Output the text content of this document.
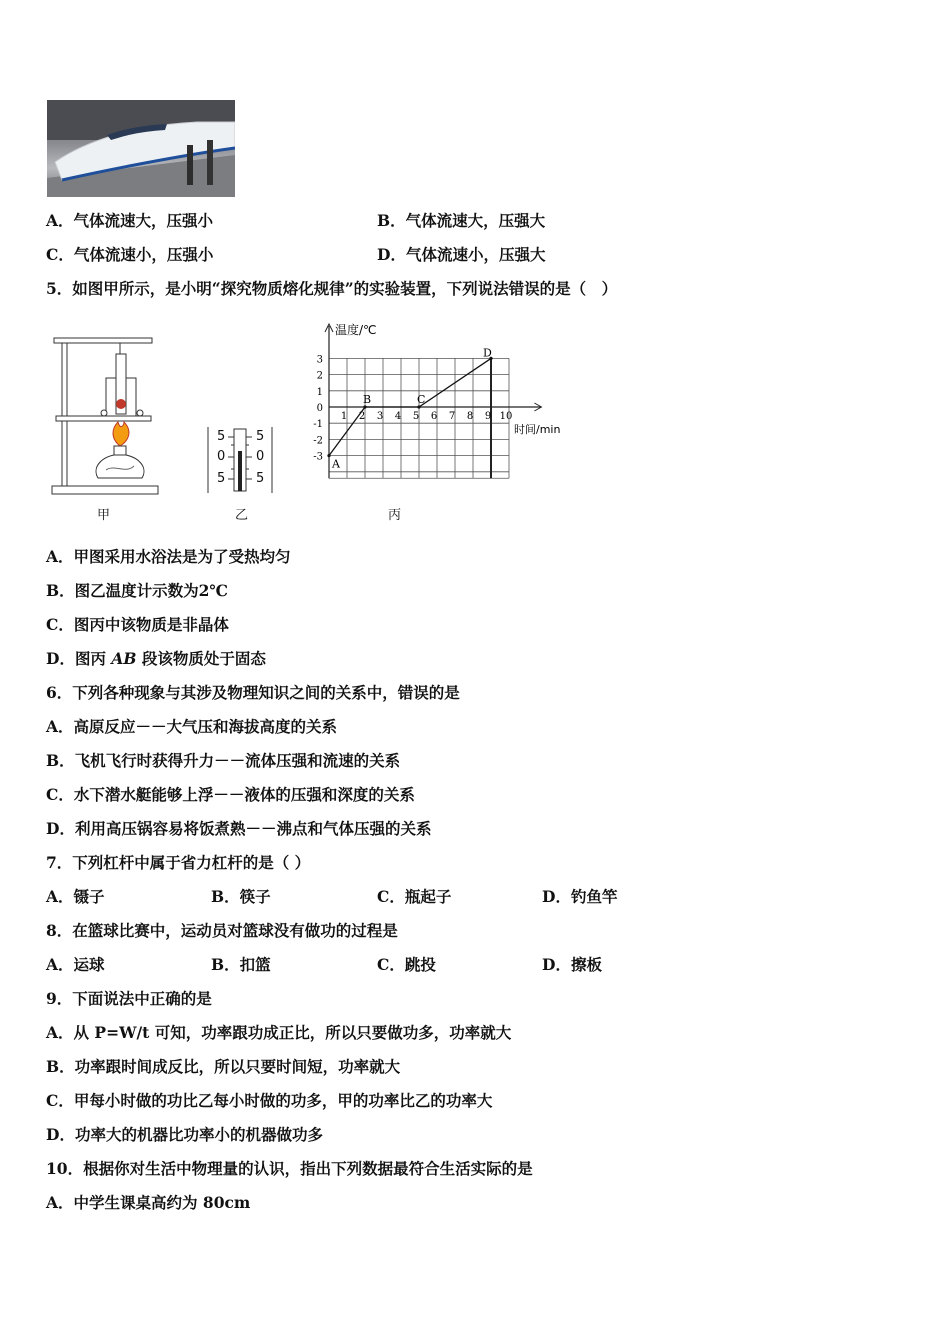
A．气体流速大，压强小	B．气体流速大，压强大
C．气体流速小，压强小	D．气体流速小，压强大
5．如图甲所示，是小明“探究物质熔化规律”的实验装置，下列说法错误的是（　）
甲
5
0
5
5
0
5
乙
3
2
1
0
-1
-2
-3
1 2 3 4 5 6 7 8 9 10
温度/℃
时间/min
A
B	C
D
丙
A．甲图采用水浴法是为了受热均匀
B．图乙温度计示数为2℃
C．图丙中该物质是非晶体
D．图丙 AB 段该物质处于固态
6．下列各种现象与其涉及物理知识之间的关系中，错误的是
A．高原反应－－大气压和海拔高度的关系
B．飞机飞行时获得升力－－流体压强和流速的关系
C．水下潜水艇能够上浮－－液体的压强和深度的关系
D．利用高压锅容易将饭煮熟－－沸点和气体压强的关系
7．下列杠杆中属于省力杠杆的是（ ）
A．镊子	B．筷子	C．瓶起子	D．钓鱼竿
8．在篮球比赛中，运动员对篮球没有做功的过程是
A．运球	B．扣篮	C．跳投	D．擦板
9．下面说法中正确的是
A．从 P=W/t 可知，功率跟功成正比，所以只要做功多，功率就大
B．功率跟时间成反比，所以只要时间短，功率就大
C．甲每小时做的功比乙每小时做的功多，甲的功率比乙的功率大
D．功率大的机器比功率小的机器做功多
10．根据你对生活中物理量的认识，指出下列数据最符合生活实际的是
A．中学生课桌高约为 80cm
